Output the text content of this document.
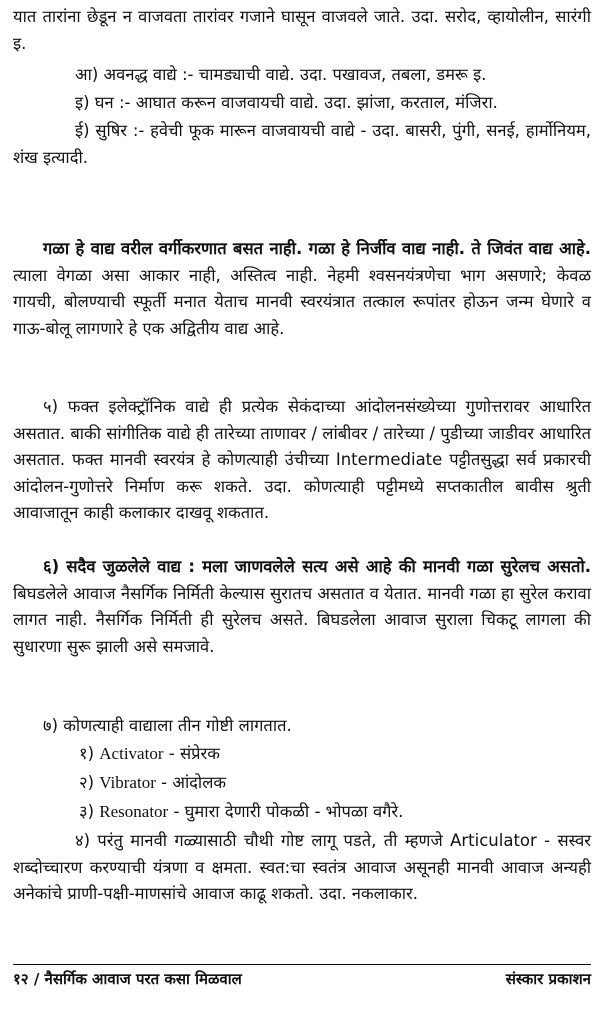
यात तारांना छेडून न वाजवता तारांवर गजाने घासून वाजवले जाते. उदा. सरोद, व्हायोलीन, सारंगी इ.

आ) अवनद्ध वाद्ये :- चामड्याची वाद्ये. उदा. पखावज, तबला, डमरू इ.

इ) घन :- आघात करून वाजवायची वाद्ये. उदा. झांजा, करताल, मंजिरा.

ई) सुषिर :- हवेची फूक मारून वाजवायची वाद्ये - उदा. बासरी, पुंगी, सनई, हार्मोनियम, शंख इत्यादी.

गळा हे वाद्य वरील वर्गीकरणात बसत नाही. गळा हे निर्जीव वाद्य नाही. ते जिवंत वाद्य आहे. त्याला वेगळा असा आकार नाही, अस्तित्व नाही. नेहमी श्वसनयंत्रणेचा भाग असणारे; केवळ गायची, बोलण्याची स्फूर्ती मनात येताच मानवी स्वरयंत्रात तत्काल रूपांतर होऊन जन्म घेणारे व गाऊ-बोलू लागणारे हे एक अद्वितीय वाद्य आहे.

५) फक्त इलेक्ट्रॉनिक वाद्ये ही प्रत्येक सेकंदाच्या आंदोलनसंख्येच्या गुणोत्तरावर आधारित असतात. बाकी सांगीतिक वाद्ये ही तारेच्या ताणावर / लांबीवर / तारेच्या / पुडीच्या जाडीवर आधारित असतात. फक्त मानवी स्वरयंत्र हे कोणत्याही उंचीच्या Intermediate पट्टीतसुद्धा सर्व प्रकारची आंदोलन-गुणोत्तरे निर्माण करू शकते. उदा. कोणत्याही पट्टीमध्ये सप्तकातील बावीस श्रुती आवाजातून काही कलाकार दाखवू शकतात.

६) सदैव जुळलेले वाद्य : मला जाणवलेले सत्य असे आहे की मानवी गळा सुरेलच असतो. बिघडलेले आवाज नैसर्गिक निर्मिती केल्यास सुरातच असतात व येतात. मानवी गळा हा सुरेल करावा लागत नाही. नैसर्गिक निर्मिती ही सुरेलच असते. बिघडलेला आवाज सुराला चिकटू लागला की सुधारणा सुरू झाली असे समजावे.

७) कोणत्याही वाद्याला तीन गोष्टी लागतात.

१) Activator - संप्रेरक
२) Vibrator - आंदोलक
३) Resonator - घुमारा देणारी पोकळी - भोपळा वगैरे.

४) परंतु मानवी गळ्यासाठी चौथी गोष्ट लागू पडते, ती म्हणजे Articulator - सस्वर शब्दोच्चारण करण्याची यंत्रणा व क्षमता. स्वत:चा स्वतंत्र आवाज असूनही मानवी आवाज अन्यही अनेकांचे प्राणी-पक्षी-माणसांचे आवाज काढू शकतो. उदा. नकलाकार.

१२ / नैसर्गिक आवाज परत कसा मिळवाल	संस्कार प्रकाशन
